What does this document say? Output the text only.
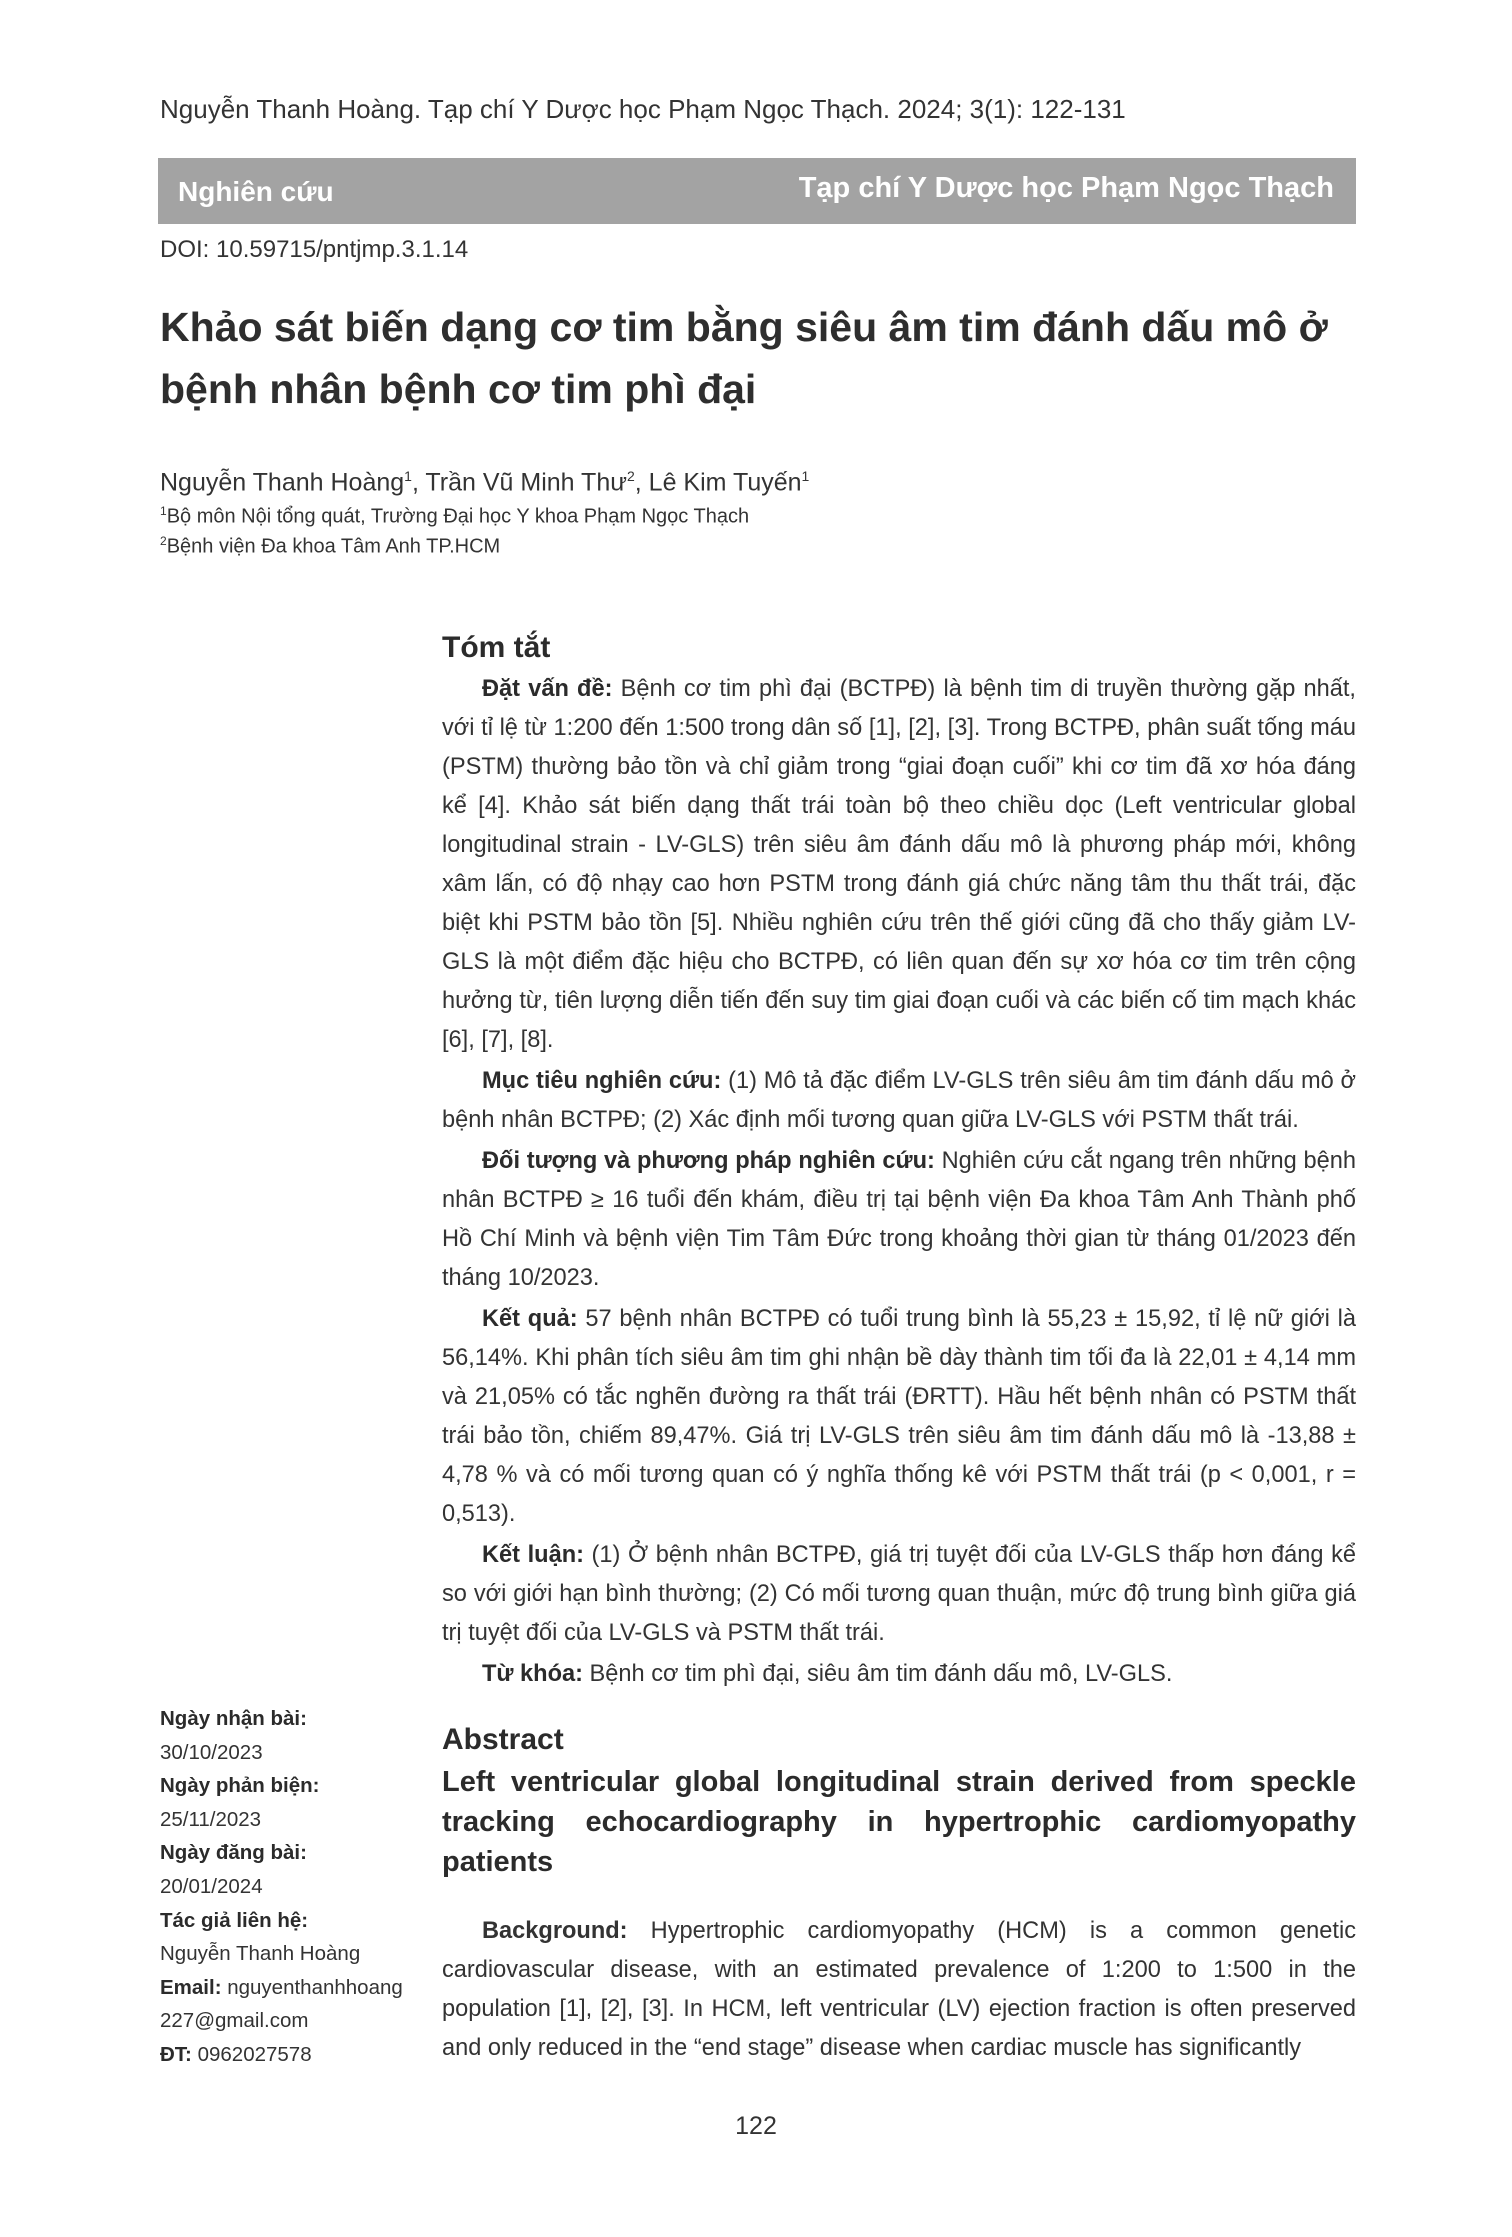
Nguyễn Thanh Hoàng. Tạp chí Y Dược học Phạm Ngọc Thạch. 2024; 3(1): 122-131
Nghiên cứu	Tạp chí Y Dược học Phạm Ngọc Thạch
DOI: 10.59715/pntjmp.3.1.14
Khảo sát biến dạng cơ tim bằng siêu âm tim đánh dấu mô ở bệnh nhân bệnh cơ tim phì đại
Nguyễn Thanh Hoàng$^1$, Trần Vũ Minh Thư$^2$, Lê Kim Tuyến$^1$
$^1$Bộ môn Nội tổng quát, Trường Đại học Y khoa Phạm Ngọc Thạch
$^2$Bệnh viện Đa khoa Tâm Anh TP.HCM
Tóm tắt

Đặt vấn đề: Bệnh cơ tim phì đại (BCTPĐ) là bệnh tim di truyền thường gặp nhất, với tỉ lệ từ 1:200 đến 1:500 trong dân số [1], [2], [3]. Trong BCTPĐ, phân suất tống máu (PSTM) thường bảo tồn và chỉ giảm trong “giai đoạn cuối” khi cơ tim đã xơ hóa đáng kể [4]. Khảo sát biến dạng thất trái toàn bộ theo chiều dọc (Left ventricular global longitudinal strain - LV-GLS) trên siêu âm đánh dấu mô là phương pháp mới, không xâm lấn, có độ nhạy cao hơn PSTM trong đánh giá chức năng tâm thu thất trái, đặc biệt khi PSTM bảo tồn [5]. Nhiều nghiên cứu trên thế giới cũng đã cho thấy giảm LV-GLS là một điểm đặc hiệu cho BCTPĐ, có liên quan đến sự xơ hóa cơ tim trên cộng hưởng từ, tiên lượng diễn tiến đến suy tim giai đoạn cuối và các biến cố tim mạch khác [6], [7], [8].

Mục tiêu nghiên cứu: (1) Mô tả đặc điểm LV-GLS trên siêu âm tim đánh dấu mô ở bệnh nhân BCTPĐ; (2) Xác định mối tương quan giữa LV-GLS với PSTM thất trái.

Đối tượng và phương pháp nghiên cứu: Nghiên cứu cắt ngang trên những bệnh nhân BCTPĐ ≥ 16 tuổi đến khám, điều trị tại bệnh viện Đa khoa Tâm Anh Thành phố Hồ Chí Minh và bệnh viện Tim Tâm Đức trong khoảng thời gian từ tháng 01/2023 đến tháng 10/2023.

Kết quả: 57 bệnh nhân BCTPĐ có tuổi trung bình là 55,23 ± 15,92, tỉ lệ nữ giới là 56,14%. Khi phân tích siêu âm tim ghi nhận bề dày thành tim tối đa là 22,01 ± 4,14 mm và 21,05% có tắc nghẽn đường ra thất trái (ĐRTT). Hầu hết bệnh nhân có PSTM thất trái bảo tồn, chiếm 89,47%. Giá trị LV-GLS trên siêu âm tim đánh dấu mô là -13,88 ± 4,78 % và có mối tương quan có ý nghĩa thống kê với PSTM thất trái (p < 0,001, r = 0,513).

Kết luận: (1) Ở bệnh nhân BCTPĐ, giá trị tuyệt đối của LV-GLS thấp hơn đáng kể so với giới hạn bình thường; (2) Có mối tương quan thuận, mức độ trung bình giữa giá trị tuyệt đối của LV-GLS và PSTM thất trái.

Từ khóa: Bệnh cơ tim phì đại, siêu âm tim đánh dấu mô, LV-GLS.

Ngày nhận bài:
30/10/2023
Ngày phản biện:
25/11/2023
Ngày đăng bài:
20/01/2024
Tác giả liên hệ:
Nguyễn Thanh Hoàng
Email: nguyenthanhhoang
227@gmail.com
ĐT: 0962027578
Abstract
Left ventricular global longitudinal strain derived from speckle tracking echocardiography in hypertrophic cardiomyopathy patients

Background: Hypertrophic cardiomyopathy (HCM) is a common genetic cardiovascular disease, with an estimated prevalence of 1:200 to 1:500 in the population [1], [2], [3]. In HCM, left ventricular (LV) ejection fraction is often preserved and only reduced in the “end stage” disease when cardiac muscle has significantly

122
